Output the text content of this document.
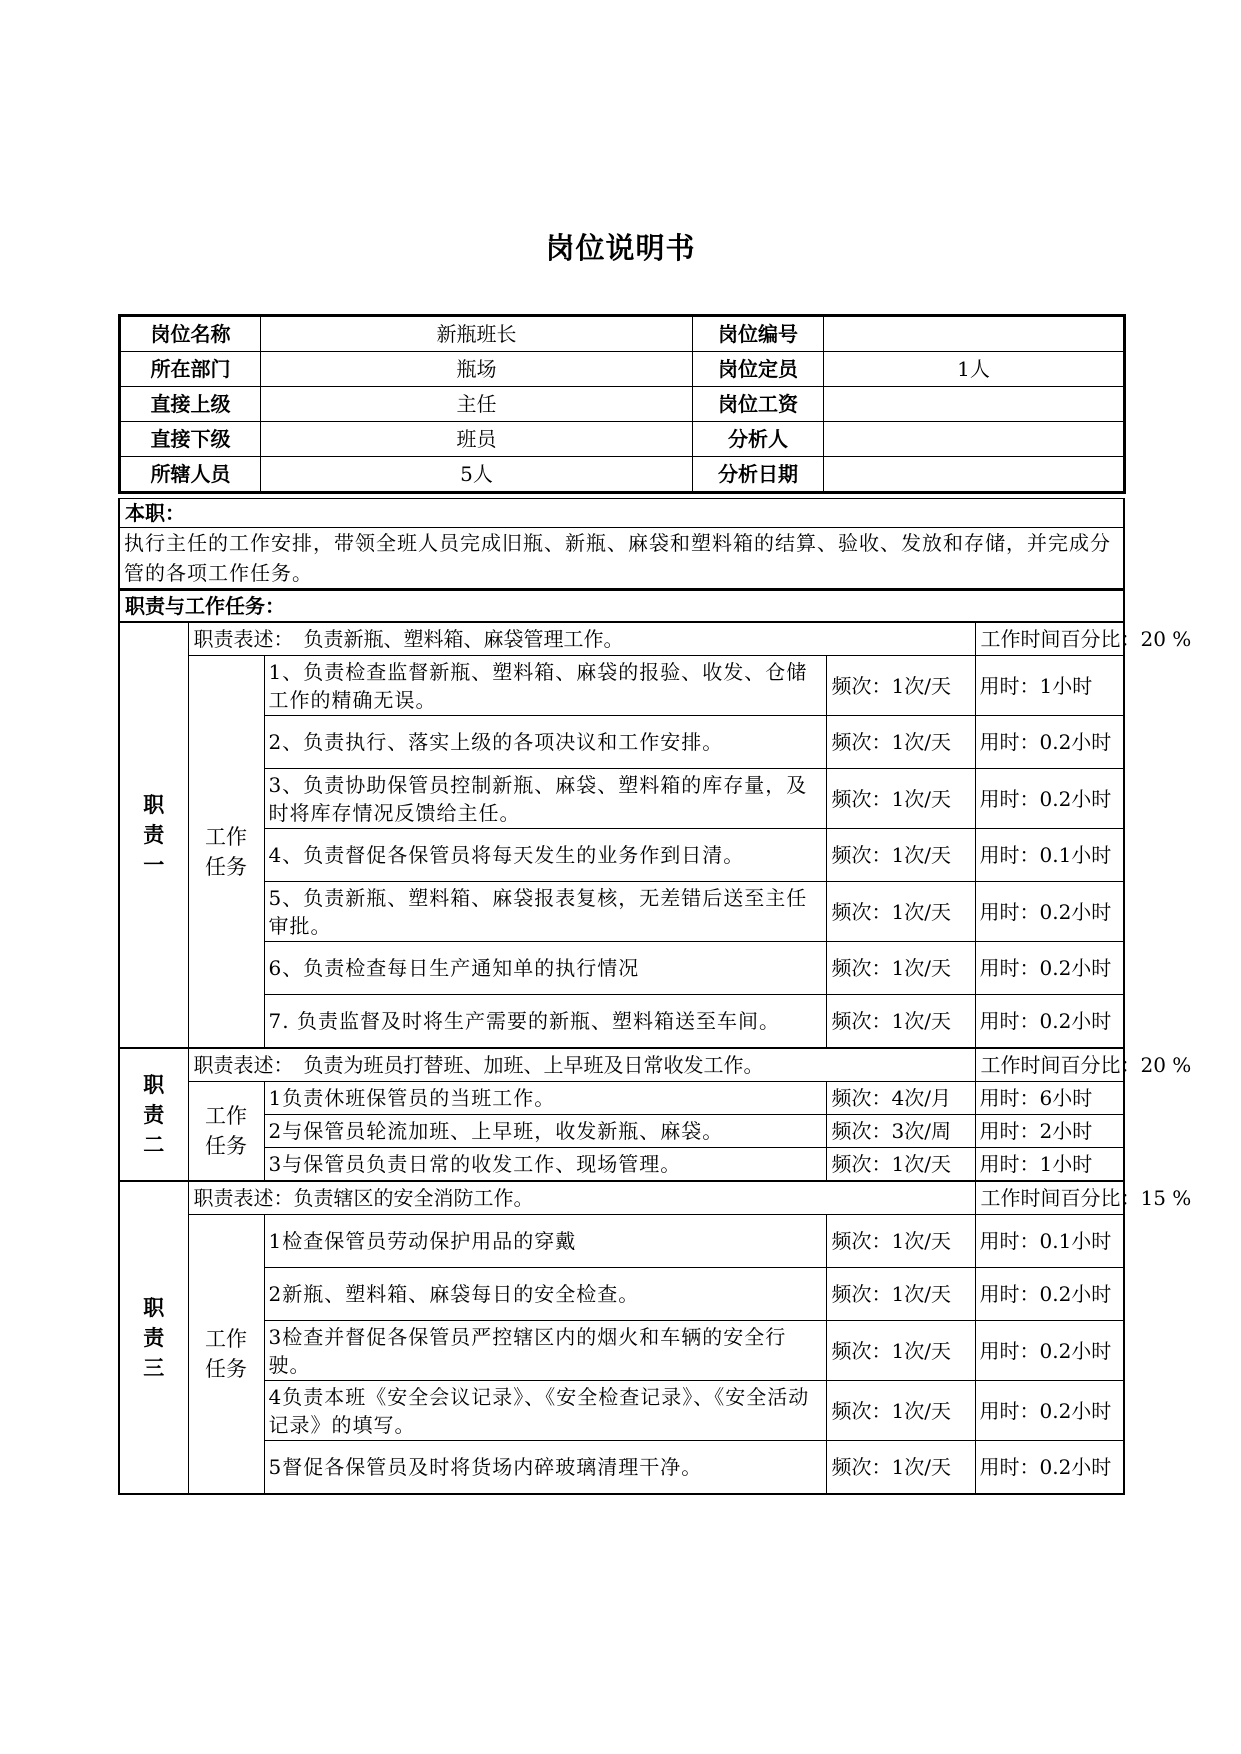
岗位说明书
岗位名称	新瓶班长	岗位编号	
所在部门	瓶场	岗位定员	1人
直接上级	主任	岗位工资	
直接下级	班员	分析人	
所辖人员	5人	分析日期	
本职：				
执行主任的工作安排，带领全班人员完成旧瓶、新瓶、麻袋和塑料箱的结算、验收、发放和存储，并完成分管的各项工作任务。				
职责与工作任务：				
职责一	职责表述：　负责新瓶、塑料箱、麻袋管理工作。			工作时间百分比：20 %
	工作任务	1、负责检查监督新瓶、塑料箱、麻袋的报验、收发、仓储工作的精确无误。	频次：1次/天	用时：1小时
		2、负责执行、落实上级的各项决议和工作安排。	频次：1次/天	用时：0.2小时
		3、负责协助保管员控制新瓶、麻袋、塑料箱的库存量，及时将库存情况反馈给主任。	频次：1次/天	用时：0.2小时
		4、负责督促各保管员将每天发生的业务作到日清。	频次：1次/天	用时：0.1小时
		5、负责新瓶、塑料箱、麻袋报表复核，无差错后送至主任审批。	频次：1次/天	用时：0.2小时
		6、负责检查每日生产通知单的执行情况	频次：1次/天	用时：0.2小时
		7. 负责监督及时将生产需要的新瓶、塑料箱送至车间。	频次：1次/天	用时：0.2小时
职责二	职责表述：　负责为班员打替班、加班、上早班及日常收发工作。			工作时间百分比：20 %
	工作任务	1负责休班保管员的当班工作。	频次：4次/月	用时：6小时
		2与保管员轮流加班、上早班，收发新瓶、麻袋。	频次：3次/周	用时：2小时
		3与保管员负责日常的收发工作、现场管理。	频次：1次/天	用时：1小时
职责三	职责表述：负责辖区的安全消防工作。			工作时间百分比：15 %
	工作任务	1检查保管员劳动保护用品的穿戴	频次：1次/天	用时：0.1小时
		2新瓶、塑料箱、麻袋每日的安全检查。	频次：1次/天	用时：0.2小时
		3检查并督促各保管员严控辖区内的烟火和车辆的安全行驶。	频次：1次/天	用时：0.2小时
		4负责本班《安全会议记录》、《安全检查记录》、《安全活动记录》的填写。	频次：1次/天	用时：0.2小时
		5督促各保管员及时将货场内碎玻璃清理干净。	频次：1次/天	用时：0.2小时
